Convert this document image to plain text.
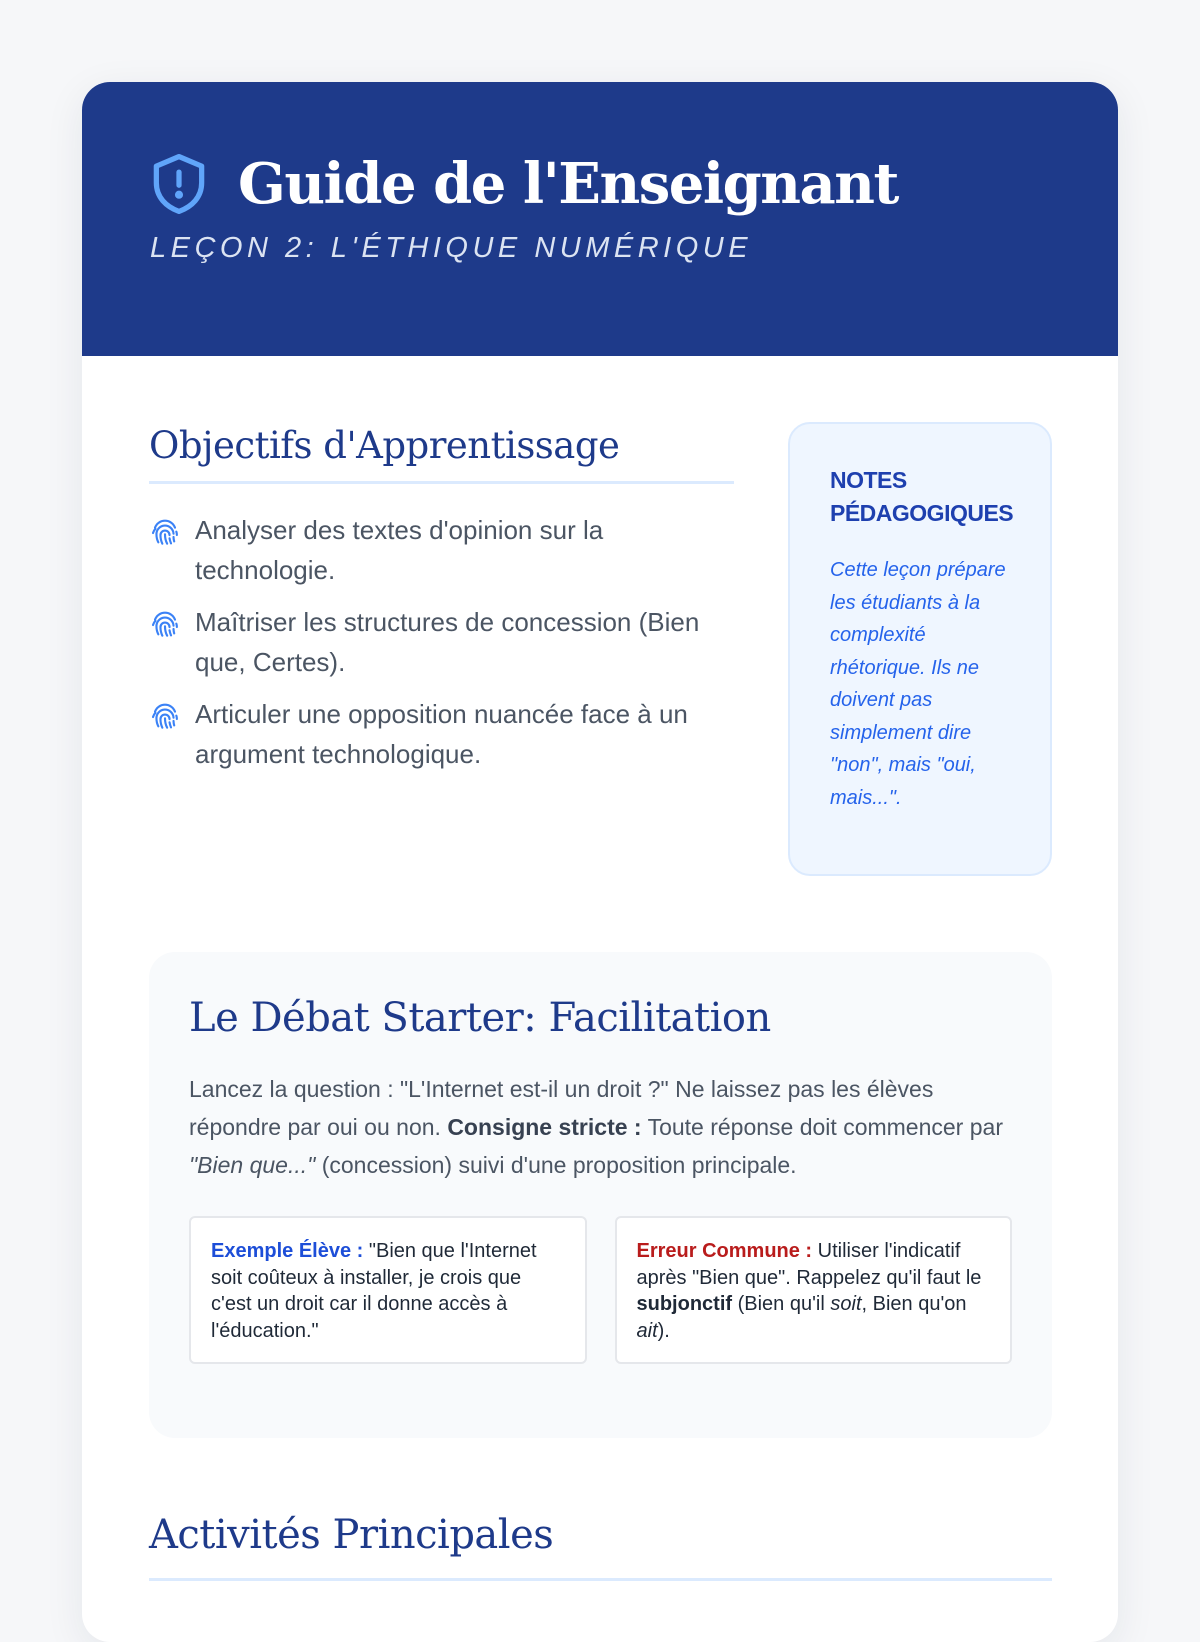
Guide de l'Enseignant
LEÇON 2: L'ÉTHIQUE NUMÉRIQUE
Objectifs d'Apprentissage
Analyser des textes d'opinion sur la technologie.
Maîtriser les structures de concession (Bien que, Certes).
Articuler une opposition nuancée face à un argument technologique.
NOTES PÉDAGOGIQUES
Cette leçon prépare les étudiants à la complexité rhétorique. Ils ne doivent pas simplement dire "non", mais "oui, mais...".
Le Débat Starter: Facilitation

Lancez la question : "L'Internet est-il un droit ?" Ne laissez pas les élèves répondre par oui ou non. Consigne stricte : Toute réponse doit commencer par "Bien que..." (concession) suivi d'une proposition principale.

Exemple Élève : "Bien que l'Internet soit coûteux à installer, je crois que c'est un droit car il donne accès à l'éducation."
Erreur Commune : Utiliser l'indicatif après "Bien que". Rappelez qu'il faut le subjonctif (Bien qu'il soit, Bien qu'on ait).
Activités Principales
